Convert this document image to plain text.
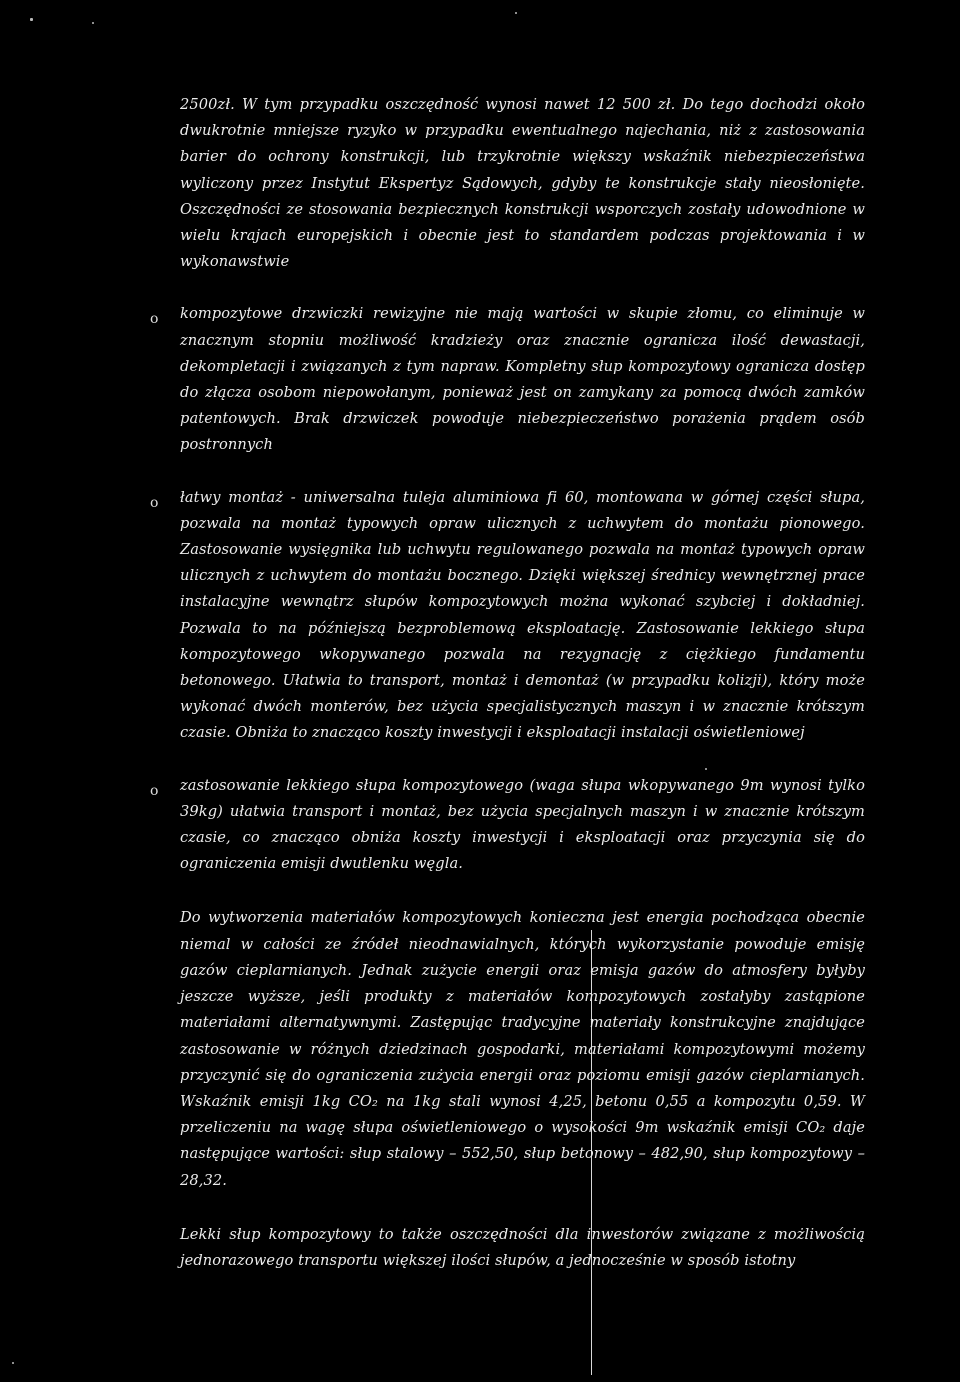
2500zł. W tym przypadku oszczędność wynosi nawet 12 500 zł. Do tego dochodzi około dwukrotnie mniejsze ryzyko w przypadku ewentualnego najechania, niż z zastosowania barier do ochrony konstrukcji, lub trzykrotnie większy wskaźnik niebezpieczeństwa wyliczony przez Instytut Ekspertyz Sądowych, gdyby te konstrukcje stały nieosłonięte. Oszczędności ze stosowania bezpiecznych konstrukcji wsporczych zostały udowodnione w wielu krajach europejskich i obecnie jest to standardem podczas projektowania i w wykonawstwie

o kompozytowe drzwiczki rewizyjne nie mają wartości w skupie złomu, co eliminuje w znacznym stopniu możliwość kradzieży oraz znacznie ogranicza ilość dewastacji, dekompletacji i związanych z tym napraw. Kompletny słup kompozytowy ogranicza dostęp do złącza osobom niepowołanym, ponieważ jest on zamykany za pomocą dwóch zamków patentowych. Brak drzwiczek powoduje niebezpieczeństwo porażenia prądem osób postronnych

o łatwy montaż - uniwersalna tuleja aluminiowa fi 60, montowana w górnej części słupa, pozwala na montaż typowych opraw ulicznych z uchwytem do montażu pionowego. Zastosowanie wysięgnika lub uchwytu regulowanego pozwala na montaż typowych opraw ulicznych z uchwytem do montażu bocznego. Dzięki większej średnicy wewnętrznej prace instalacyjne wewnątrz słupów kompozytowych można wykonać szybciej i dokładniej. Pozwala to na późniejszą bezproblemową eksploatację. Zastosowanie lekkiego słupa kompozytowego wkopywanego pozwala na rezygnację z ciężkiego fundamentu betonowego. Ułatwia to transport, montaż i demontaż (w przypadku kolizji), który może wykonać dwóch monterów, bez użycia specjalistycznych maszyn i w znacznie krótszym czasie. Obniża to znacząco koszty inwestycji i eksploatacji instalacji oświetleniowej

o zastosowanie lekkiego słupa kompozytowego (waga słupa wkopywanego 9m wynosi tylko 39kg) ułatwia transport i montaż, bez użycia specjalnych maszyn i w znacznie krótszym czasie, co znacząco obniża koszty inwestycji i eksploatacji oraz przyczynia się do ograniczenia emisji dwutlenku węgla.

Do wytworzenia materiałów kompozytowych konieczna jest energia pochodząca obecnie niemal w całości ze źródeł nieodnawialnych, których wykorzystanie powoduje emisję gazów cieplarnianych. Jednak zużycie energii oraz emisja gazów do atmosfery byłyby jeszcze wyższe, jeśli produkty z materiałów kompozytowych zostałyby zastąpione materiałami alternatywnymi. Zastępując tradycyjne materiały konstrukcyjne znajdujące zastosowanie w różnych dziedzinach gospodarki, materiałami kompozytowymi możemy przyczynić się do ograniczenia zużycia energii oraz poziomu emisji gazów cieplarnianych. Wskaźnik emisji 1kg CO₂ na 1kg stali wynosi 4,25, betonu 0,55 a kompozytu 0,59. W przeliczeniu na wagę słupa oświetleniowego o wysokości 9m wskaźnik emisji CO₂ daje następujące wartości: słup stalowy – 552,50, słup betonowy – 482,90, słup kompozytowy – 28,32.

Lekki słup kompozytowy to także oszczędności dla inwestorów związane z możliwością jednorazowego transportu większej ilości słupów, a jednocześnie w sposób istotny
